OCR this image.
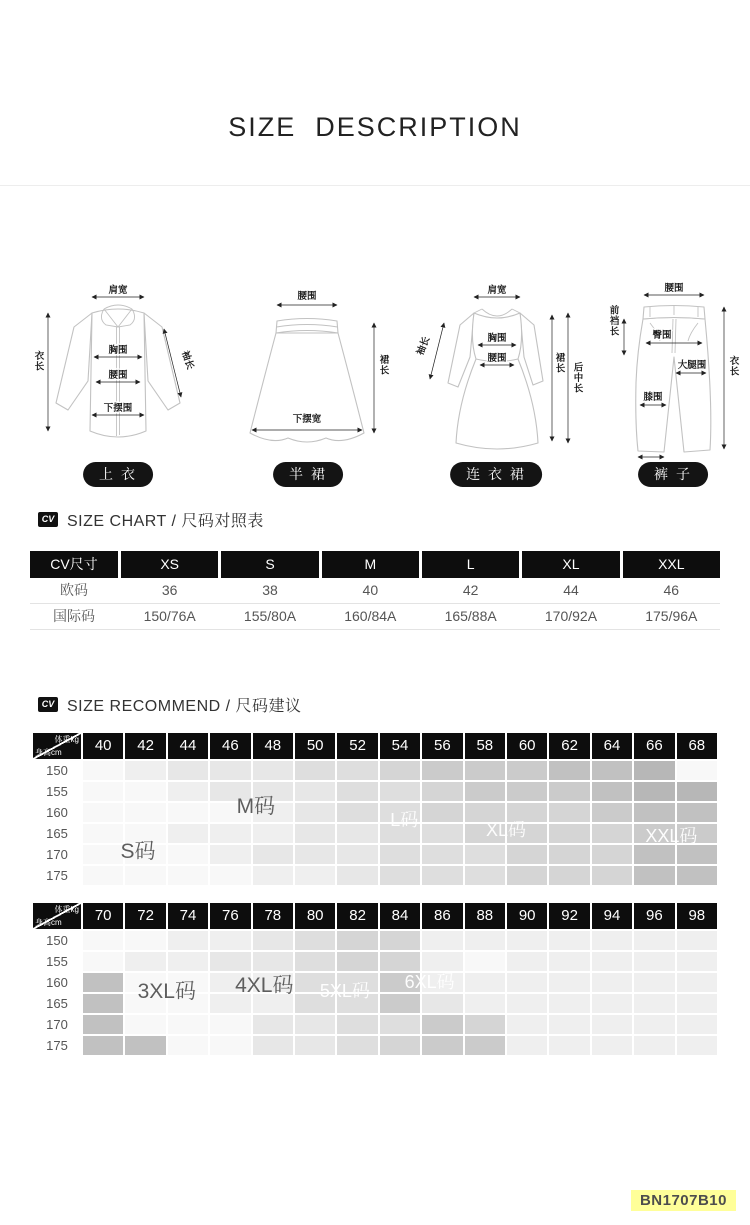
SIZE  DESCRIPTION
肩宽
衣长	胸围
腰围
下摆围
袖长
腰围
裙长
下摆宽
肩宽
袖长	胸围
腰围	裙长 后中长
腰围
前裆长	臀围
大腿围
膝围
衣长
上 衣	半 裙	连 衣 裙	裤 子
CV SIZE CHART / 尺码对照表
CV尺寸	XS	S	M	L	XL	XXL
欧码	36	38	40	42	44	46
国际码	150/76A	155/80A	160/84A	165/88A	170/92A	175/96A
CV SIZE RECOMMEND / 尺码建议
体重kg
身高cm	40	42	44	46	48	50	52	54	56	58	60	62	64	66	68
150
155
160
165
170
175
S码
M码
L码
XL码	XXL码
体重kg
身高cm	70	72	74	76	78	80	82	84	86	88	90	92	94	96	98
150
155
160
165
170
175
3XL码 4XL码 5XL码 6XL码
BN1707B10
